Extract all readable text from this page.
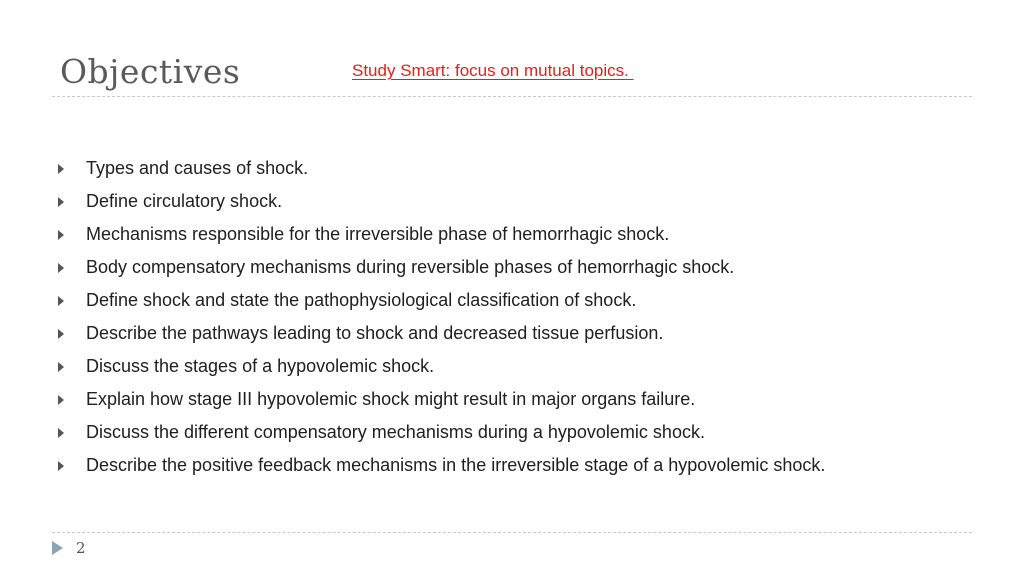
Objectives	Study Smart: focus on mutual topics.
Types and causes of shock.
Define circulatory shock.
Mechanisms responsible for the irreversible phase of hemorrhagic shock.
Body compensatory mechanisms during reversible phases of hemorrhagic shock.
Define shock and state the pathophysiological classification of shock.
Describe the pathways leading to shock and decreased tissue perfusion.
Discuss the stages of a hypovolemic shock.
Explain how stage III hypovolemic shock might result in major organs failure.
Discuss the different compensatory mechanisms during a hypovolemic shock.
Describe the positive feedback mechanisms in the irreversible stage of a hypovolemic shock.
2
